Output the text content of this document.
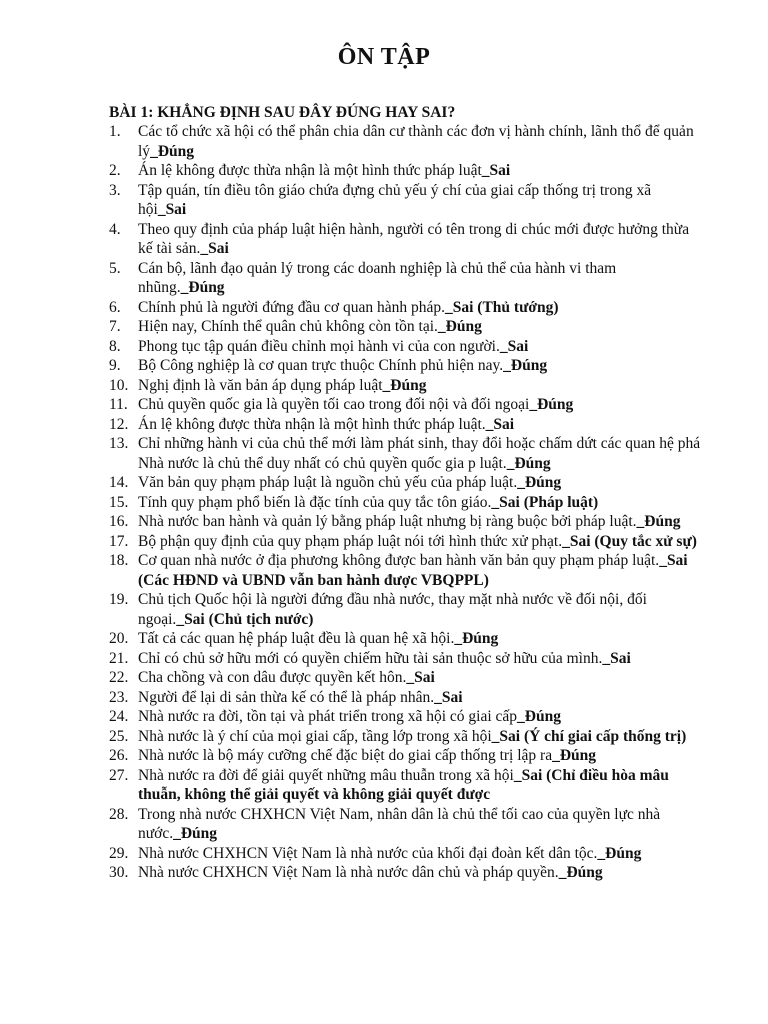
ÔN TẬP
BÀI 1: KHẲNG ĐỊNH SAU ĐÂY ĐÚNG HAY SAI?
1. Các tổ chức xã hội có thể phân chia dân cư thành các đơn vị hành chính, lãnh thổ để quản lý_Đúng
2. Án lệ không được thừa nhận là một hình thức pháp luật_Sai
3. Tập quán, tín điều tôn giáo chứa đựng chủ yếu ý chí của giai cấp thống trị trong xã hội_Sai
4. Theo quy định của pháp luật hiện hành, người có tên trong di chúc mới được hưởng thừa kế tài sản._Sai
5. Cán bộ, lãnh đạo quản lý trong các doanh nghiệp là chủ thể của hành vi tham nhũng._Đúng
6. Chính phủ là người đứng đầu cơ quan hành pháp._Sai (Thủ tướng)
7. Hiện nay, Chính thể quân chủ không còn tồn tại._Đúng
8. Phong tục tập quán điều chỉnh mọi hành vi của con người._Sai
9. Bộ Công nghiệp là cơ quan trực thuộc Chính phủ hiện nay._Đúng
10. Nghị định là văn bản áp dụng pháp luật_Đúng
11. Chủ quyền quốc gia là quyền tối cao trong đối nội và đối ngoại_Đúng
12. Án lệ không được thừa nhận là một hình thức pháp luật._Sai
13. Chỉ những hành vi của chủ thể mới làm phát sinh, thay đổi hoặc chấm dứt các quan hệ phá Nhà nước là chủ thể duy nhất có chủ quyền quốc gia p luật._Đúng
14. Văn bản quy phạm pháp luật là nguồn chủ yếu của pháp luật._Đúng
15. Tính quy phạm phổ biến là đặc tính của quy tắc tôn giáo._Sai (Pháp luật)
16. Nhà nước ban hành và quản lý bằng pháp luật nhưng bị ràng buộc bởi pháp luật._Đúng
17. Bộ phận quy định của quy phạm pháp luật nói tới hình thức xử phạt._Sai (Quy tắc xử sự)
18. Cơ quan nhà nước ở địa phương không được ban hành văn bản quy phạm pháp luật._Sai (Các HĐND và UBND vẫn ban hành được VBQPPL)
19. Chủ tịch Quốc hội là người đứng đầu nhà nước, thay mặt nhà nước về đối nội, đối ngoại._Sai (Chủ tịch nước)
20. Tất cả các quan hệ pháp luật đều là quan hệ xã hội._Đúng
21. Chỉ có chủ sở hữu mới có quyền chiếm hữu tài sản thuộc sở hữu của mình._Sai
22. Cha chồng và con dâu được quyền kết hôn._Sai
23. Người để lại di sản thừa kế có thể là pháp nhân._Sai
24. Nhà nước ra đời, tồn tại và phát triển trong xã hội có giai cấp_Đúng
25. Nhà nước là ý chí của mọi giai cấp, tầng lớp trong xã hội_Sai (Ý chí giai cấp thống trị)
26. Nhà nước là bộ máy cưỡng chế đặc biệt do giai cấp thống trị lập ra_Đúng
27. Nhà nước ra đời để giải quyết những mâu thuẫn trong xã hội_Sai (Chỉ điều hòa mâu thuẫn, không thể giải quyết và không giải quyết được
28. Trong nhà nước CHXHCN Việt Nam, nhân dân là chủ thể tối cao của quyền lực nhà nước._Đúng
29. Nhà nước CHXHCN Việt Nam là nhà nước của khối đại đoàn kết dân tộc._Đúng
30. Nhà nước CHXHCN Việt Nam là nhà nước dân chủ và pháp quyền._Đúng
